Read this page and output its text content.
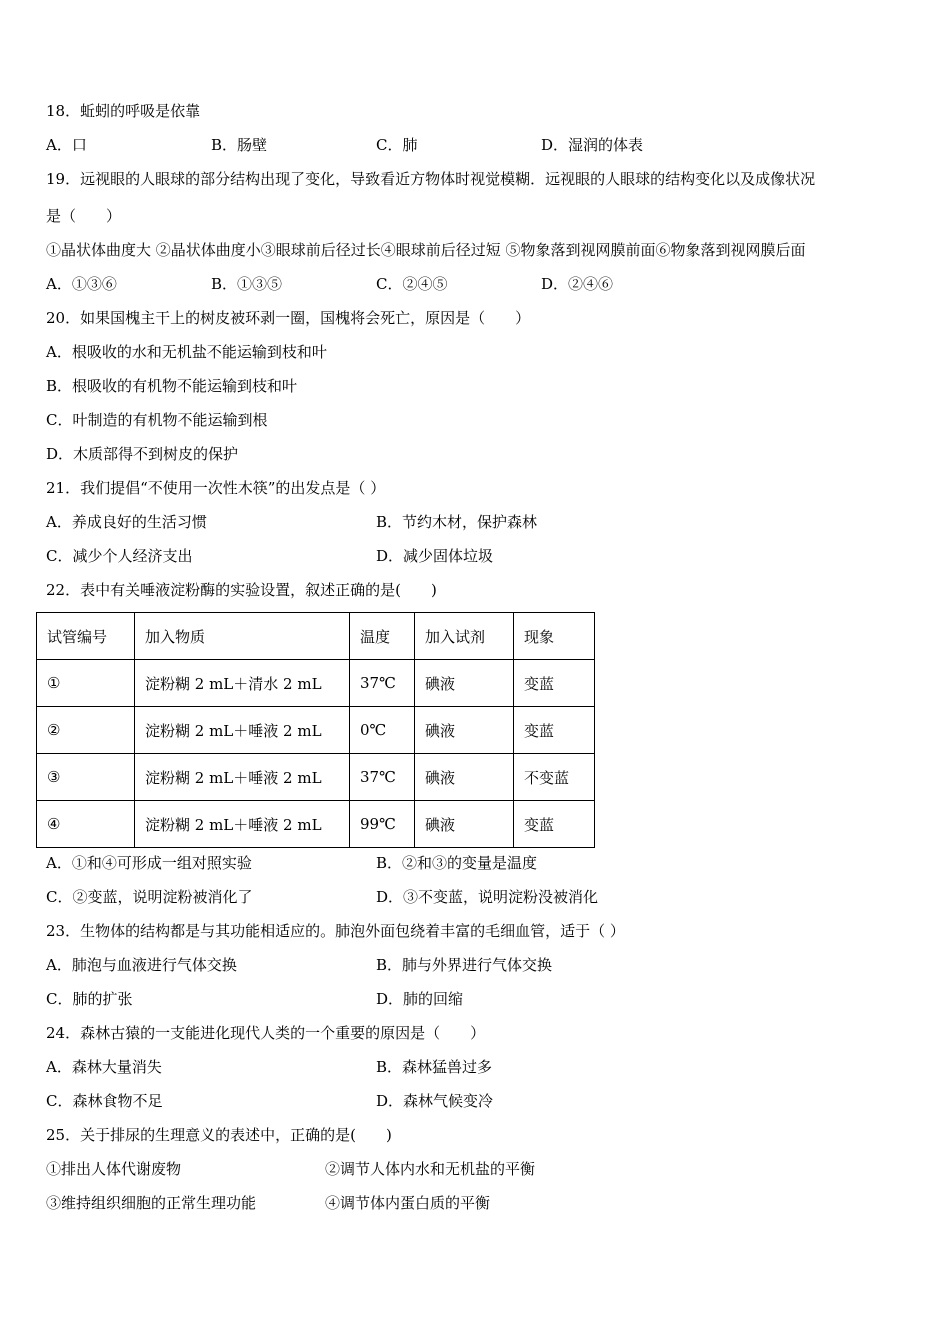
18．蚯蚓的呼吸是依靠
A．口	B．肠壁	C．肺	D．湿润的体表
19．远视眼的人眼球的部分结构出现了变化，导致看近方物体时视觉模糊．远视眼的人眼球的结构变化以及成像状况
是（　　）
①晶状体曲度大 ②晶状体曲度小③眼球前后径过长④眼球前后径过短 ⑤物象落到视网膜前面⑥物象落到视网膜后面
A．①③⑥	B．①③⑤	C．②④⑤	D．②④⑥
20．如果国槐主干上的树皮被环剥一圈，国槐将会死亡，原因是（　　）
A．根吸收的水和无机盐不能运输到枝和叶
B．根吸收的有机物不能运输到枝和叶
C．叶制造的有机物不能运输到根
D．木质部得不到树皮的保护
21．我们提倡“不使用一次性木筷”的出发点是（ ）
A．养成良好的生活习惯	B．节约木材，保护森林
C．减少个人经济支出	D．减少固体垃圾
22．表中有关唾液淀粉酶的实验设置，叙述正确的是(　　)
试管编号	加入物质	温度	加入试剂	现象
①	淀粉糊 2 mL＋清水 2 mL	37℃	碘液	变蓝
②	淀粉糊 2 mL＋唾液 2 mL	0℃	碘液	变蓝
③	淀粉糊 2 mL＋唾液 2 mL	37℃	碘液	不变蓝
④	淀粉糊 2 mL＋唾液 2 mL	99℃	碘液	变蓝
A．①和④可形成一组对照实验	B．②和③的变量是温度
C．②变蓝，说明淀粉被消化了	D．③不变蓝，说明淀粉没被消化
23．生物体的结构都是与其功能相适应的。肺泡外面包绕着丰富的毛细血管，适于（ ）
A．肺泡与血液进行气体交换	B．肺与外界进行气体交换
C．肺的扩张	D．肺的回缩
24．森林古猿的一支能进化现代人类的一个重要的原因是（　　）
A．森林大量消失	B．森林猛兽过多
C．森林食物不足	D．森林气候变冷
25．关于排尿的生理意义的表述中，正确的是(　　)
①排出人体代谢废物	②调节人体内水和无机盐的平衡
③维持组织细胞的正常生理功能	④调节体内蛋白质的平衡
